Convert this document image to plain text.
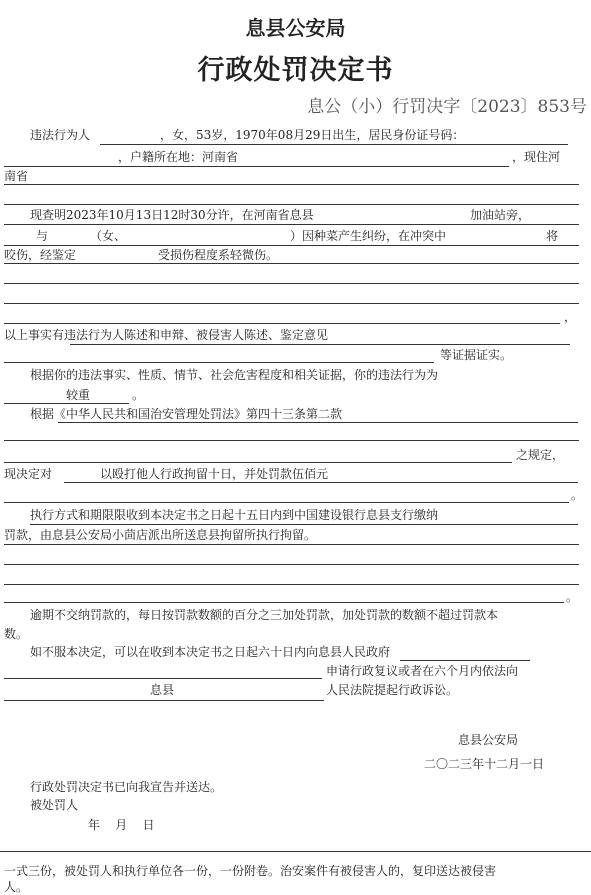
息县公安局
行政处罚决定书
息公（小）行罚决字〔2023〕853号
违法行为人	，女，53岁，1970年08月29日出生，居民身份证号码：
，户籍所在地：河南省	，现住河
南省
现查明2023年10月13日12时30分许，在河南省息县	加油站旁，
与	（女、	）因种菜产生纠纷，在冲突中	将
咬伤，经鉴定	受损伤程度系轻微伤。
，
以上事实有违法行为人陈述和申辩、被侵害人陈述、鉴定意见
等证据证实。
根据你的违法事实、性质、情节、社会危害程度和相关证据，你的违法行为为
较重	。
根据《中华人民共和国治安管理处罚法》第四十三条第二款
之规定，
现决定对	以殴打他人行政拘留十日，并处罚款伍佰元
。
执行方式和期限限收到本决定书之日起十五日内到中国建设银行息县支行缴纳
罚款，由息县公安局小茴店派出所送息县拘留所执行拘留。
。
逾期不交纳罚款的，每日按罚款数额的百分之三加处罚款，加处罚款的数额不超过罚款本
数。
如不服本决定，可以在收到本决定书之日起六十日内向息县人民政府
申请行政复议或者在六个月内依法向
息县	人民法院提起行政诉讼。
息县公安局
二〇二三年十二月一日
行政处罚决定书已向我宣告并送达。
被处罚人
年    月    日
一式三份，被处罚人和执行单位各一份，一份附卷。治安案件有被侵害人的，复印送达被侵害
人。
